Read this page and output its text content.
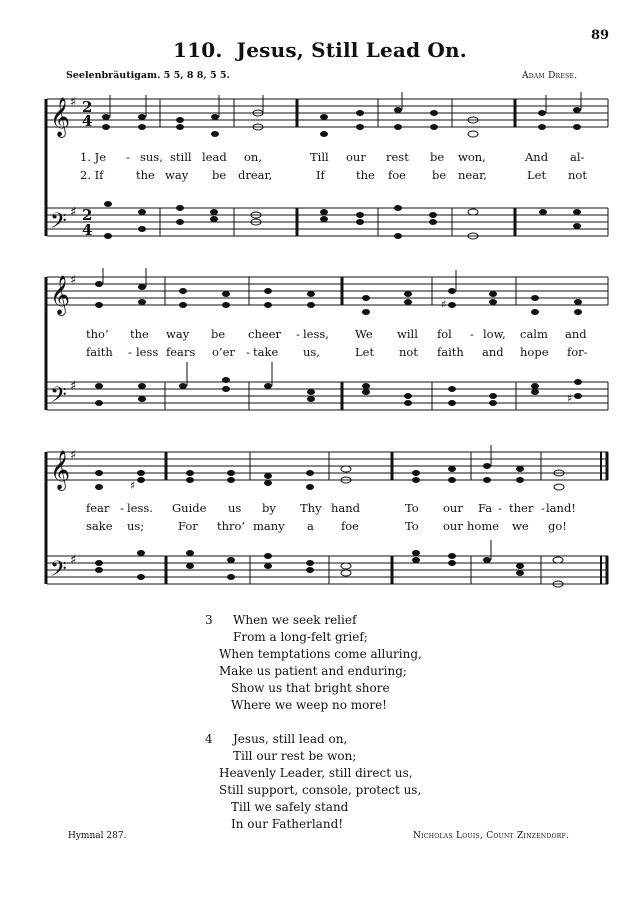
89
110. Jesus, Still Lead On.
Seelenbräutigam. 5 5, 8 8, 5 5.	Adam Drese.
𝄞 ♯ 2
4
𝄢 ♯ 2
4
1. Je - sus, still lead on,	Till our rest be won,	And al-
2. If	the way be drear,	If	the foe be near,	Let not
𝄞 ♯
𝄢 ♯
♯
♯
tho’ the way be cheer - less, We will fol - low, calm and
faith - less fears o’er - take us,	Let not faith and hope for-
𝄞 ♯
𝄢 ♯
♯
fear - less. Guide us by Thy hand	To our Fa - ther - land!
sake us;	For thro’ many a foe	To our home we go!
3 When we seek relief
From a long-felt grief;
When temptations come alluring,
Make us patient and enduring;
Show us that bright shore
Where we weep no more!
4 Jesus, still lead on,
Till our rest be won;
Heavenly Leader, still direct us,
Still support, console, protect us,
Till we safely stand
In our Fatherland!
Hymnal 287.	Nicholas Louis, Count Zinzendorf.
